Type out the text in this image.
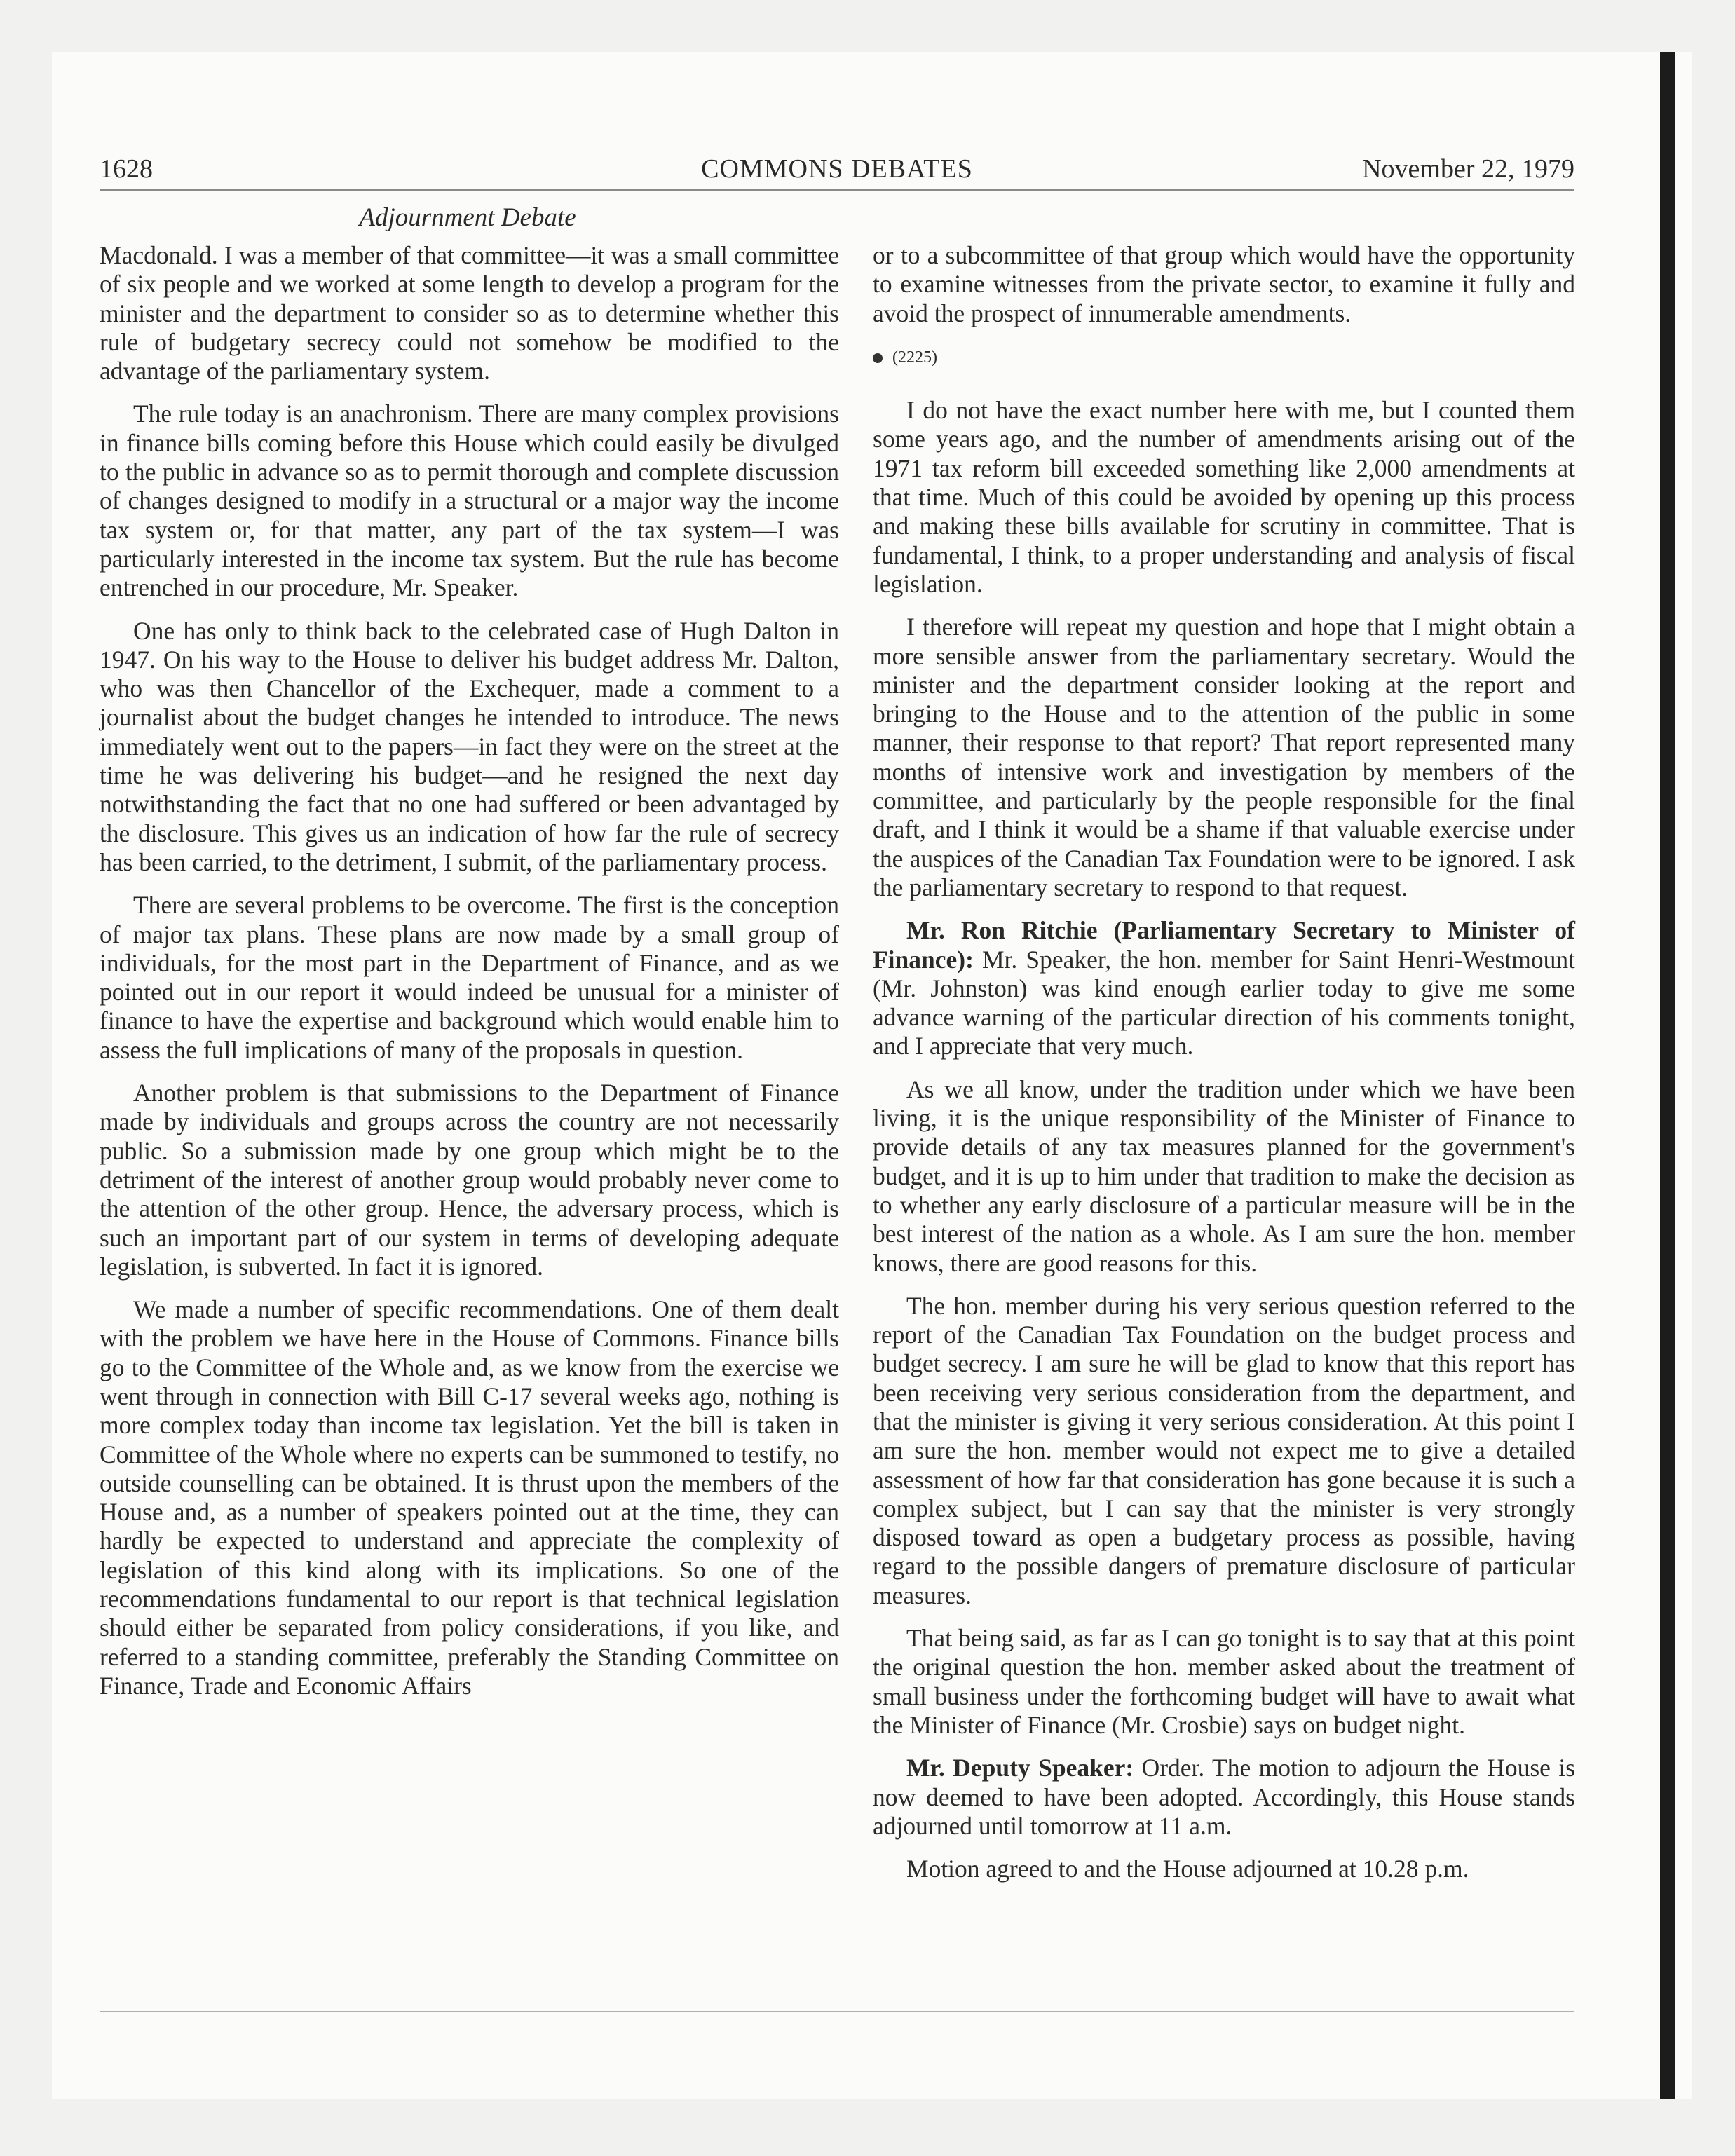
1628	COMMONS DEBATES	November 22, 1979
Adjournment Debate

Macdonald. I was a member of that committee—it was a small committee of six people and we worked at some length to develop a program for the minister and the department to consider so as to determine whether this rule of budgetary secrecy could not somehow be modified to the advantage of the parliamentary system.

The rule today is an anachronism. There are many complex provisions in finance bills coming before this House which could easily be divulged to the public in advance so as to permit thorough and complete discussion of changes designed to modify in a structural or a major way the income tax system or, for that matter, any part of the tax system—I was particularly interested in the income tax system. But the rule has become entrenched in our procedure, Mr. Speaker.

One has only to think back to the celebrated case of Hugh Dalton in 1947. On his way to the House to deliver his budget address Mr. Dalton, who was then Chancellor of the Exchequer, made a comment to a journalist about the budget changes he intended to introduce. The news immediately went out to the papers—in fact they were on the street at the time he was delivering his budget—and he resigned the next day notwithstanding the fact that no one had suffered or been advantaged by the disclosure. This gives us an indication of how far the rule of secrecy has been carried, to the detriment, I submit, of the parliamentary process.

There are several problems to be overcome. The first is the conception of major tax plans. These plans are now made by a small group of individuals, for the most part in the Department of Finance, and as we pointed out in our report it would indeed be unusual for a minister of finance to have the expertise and background which would enable him to assess the full implications of many of the proposals in question.

Another problem is that submissions to the Department of Finance made by individuals and groups across the country are not necessarily public. So a submission made by one group which might be to the detriment of the interest of another group would probably never come to the attention of the other group. Hence, the adversary process, which is such an important part of our system in terms of developing adequate legislation, is subverted. In fact it is ignored.

We made a number of specific recommendations. One of them dealt with the problem we have here in the House of Commons. Finance bills go to the Committee of the Whole and, as we know from the exercise we went through in connection with Bill C-17 several weeks ago, nothing is more complex today than income tax legislation. Yet the bill is taken in Committee of the Whole where no experts can be summoned to testify, no outside counselling can be obtained. It is thrust upon the members of the House and, as a number of speakers pointed out at the time, they can hardly be expected to understand and appreciate the complexity of legislation of this kind along with its implications. So one of the recommendations fundamental to our report is that technical legislation should either be separated from policy considerations, if you like, and referred to a standing committee, preferably the Standing Committee on Finance, Trade and Economic Affairs

or to a subcommittee of that group which would have the opportunity to examine witnesses from the private sector, to examine it fully and avoid the prospect of innumerable amendments.

(2225)

I do not have the exact number here with me, but I counted them some years ago, and the number of amendments arising out of the 1971 tax reform bill exceeded something like 2,000 amendments at that time. Much of this could be avoided by opening up this process and making these bills available for scrutiny in committee. That is fundamental, I think, to a proper understanding and analysis of fiscal legislation.

I therefore will repeat my question and hope that I might obtain a more sensible answer from the parliamentary secretary. Would the minister and the department consider looking at the report and bringing to the House and to the attention of the public in some manner, their response to that report? That report represented many months of intensive work and investigation by members of the committee, and particularly by the people responsible for the final draft, and I think it would be a shame if that valuable exercise under the auspices of the Canadian Tax Foundation were to be ignored. I ask the parliamentary secretary to respond to that request.

Mr. Ron Ritchie (Parliamentary Secretary to Minister of Finance): Mr. Speaker, the hon. member for Saint Henri-Westmount (Mr. Johnston) was kind enough earlier today to give me some advance warning of the particular direction of his comments tonight, and I appreciate that very much.

As we all know, under the tradition under which we have been living, it is the unique responsibility of the Minister of Finance to provide details of any tax measures planned for the government's budget, and it is up to him under that tradition to make the decision as to whether any early disclosure of a particular measure will be in the best interest of the nation as a whole. As I am sure the hon. member knows, there are good reasons for this.

The hon. member during his very serious question referred to the report of the Canadian Tax Foundation on the budget process and budget secrecy. I am sure he will be glad to know that this report has been receiving very serious consideration from the department, and that the minister is giving it very serious consideration. At this point I am sure the hon. member would not expect me to give a detailed assessment of how far that consideration has gone because it is such a complex subject, but I can say that the minister is very strongly disposed toward as open a budgetary process as possible, having regard to the possible dangers of premature disclosure of particular measures.

That being said, as far as I can go tonight is to say that at this point the original question the hon. member asked about the treatment of small business under the forthcoming budget will have to await what the Minister of Finance (Mr. Crosbie) says on budget night.

Mr. Deputy Speaker: Order. The motion to adjourn the House is now deemed to have been adopted. Accordingly, this House stands adjourned until tomorrow at 11 a.m.

Motion agreed to and the House adjourned at 10.28 p.m.
